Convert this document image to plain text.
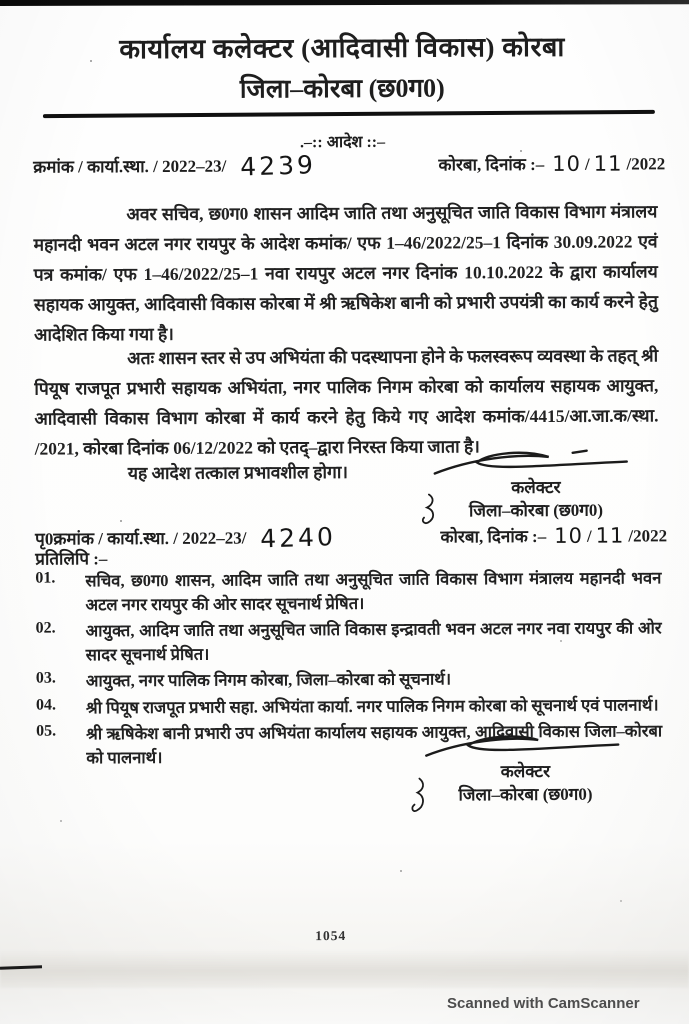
कार्यालय कलेक्टर (आदिवासी विकास) कोरबा
जिला–कोरबा (छ0ग0)
.–:: आदेश ::–
क्रमांक / कार्या.स्था. / 2022–23/ 4239	कोरबा, दिनांक :– 10 / 11 /2022
अवर सचिव, छ0ग0 शासन आदिम जाति तथा अनुसूचित जाति विकास विभाग मंत्रालय महानदी भवन अटल नगर रायपुर के आदेश कमांक/ एफ 1–46/2022/25–1 दिनांक 30.09.2022 एवं पत्र कमांक/ एफ 1–46/2022/25–1 नवा रायपुर अटल नगर दिनांक 10.10.2022 के द्वारा कार्यालय सहायक आयुक्त, आदिवासी विकास कोरबा में श्री ऋषिकेश बानी को प्रभारी उपयंत्री का कार्य करने हेतु आदेशित किया गया है।
अतः शासन स्तर से उप अभियंता की पदस्थापना होने के फलस्वरूप व्यवस्था के तहत् श्री पियूष राजपूत प्रभारी सहायक अभियंता, नगर पालिक निगम कोरबा को कार्यालय सहायक आयुक्त, आदिवासी विकास विभाग कोरबा में कार्य करने हेतु किये गए आदेश कमांक/4415/आ.जा.क/स्था. /2021, कोरबा दिनांक 06/12/2022 को एतद्–द्वारा निरस्त किया जाता है।
यह आदेश तत्काल प्रभावशील होगा।
कलेक्टर
जिला–कोरबा (छ0ग0)
पृ0क्रमांक / कार्या.स्था. / 2022–23/ 4240	कोरबा, दिनांक :– 10 / 11 /2022
प्रतिलिपि :–
01.	सचिव, छ0ग0 शासन, आदिम जाति तथा अनुसूचित जाति विकास विभाग मंत्रालय महानदी भवन अटल नगर रायपुर की ओर सादर सूचनार्थ प्रेषित।
02.	आयुक्त, आदिम जाति तथा अनुसूचित जाति विकास इन्द्रावती भवन अटल नगर नवा रायपुर की ओर सादर सूचनार्थ प्रेषित।
03.	आयुक्त, नगर पालिक निगम कोरबा, जिला–कोरबा को सूचनार्थ।
04.	श्री पियूष राजपूत प्रभारी सहा. अभियंता कार्या. नगर पालिक निगम कोरबा को सूचनार्थ एवं पालनार्थ।
05.	श्री ऋषिकेश बानी प्रभारी उप अभियंता कार्यालय सहायक आयुक्त, आदिवासी विकास जिला–कोरबा को पालनार्थ।
कलेक्टर
जिला–कोरबा (छ0ग0)
1054
Scanned with CamScanner
